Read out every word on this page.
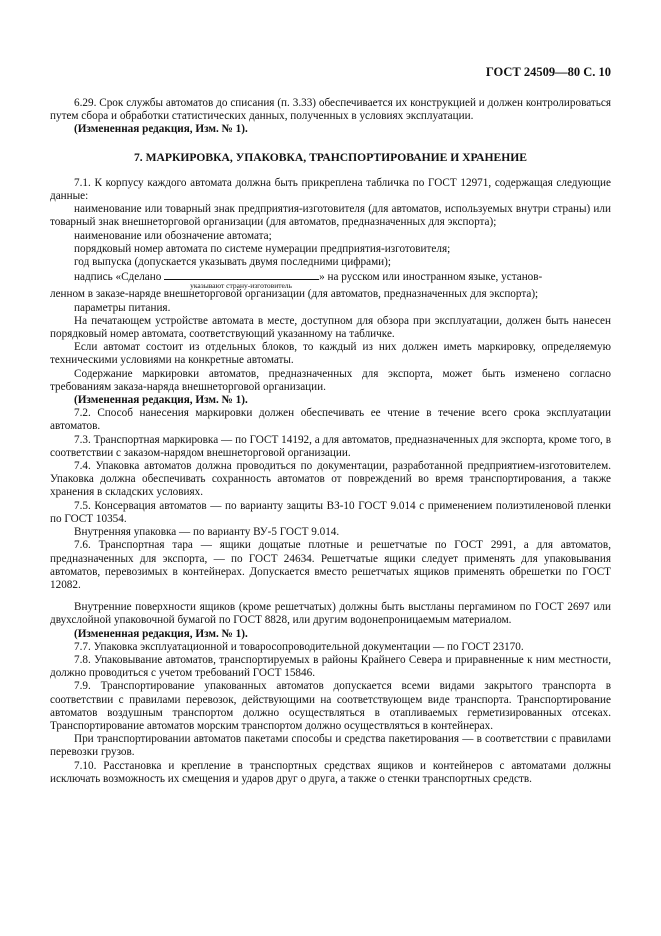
ГОСТ 24509—80 С. 10

6.29. Срок службы автоматов до списания (п. 3.33) обеспечивается их конструкцией и должен контролироваться путем сбора и обработки статистических данных, полученных в условиях эксплуатации.

(Измененная редакция, Изм. № 1).

7. МАРКИРОВКА, УПАКОВКА, ТРАНСПОРТИРОВАНИЕ И ХРАНЕНИЕ

7.1. К корпусу каждого автомата должна быть прикреплена табличка по ГОСТ 12971, содержащая следующие данные:

наименование или товарный знак предприятия-изготовителя (для автоматов, используемых внутри страны) или товарный знак внешнеторговой организации (для автоматов, предназначенных для экспорта);

наименование или обозначение автомата;

порядковый номер автомата по системе нумерации предприятия-изготовителя;

год выпуска (допускается указывать двумя последними цифрами);

надпись «Сделано
указывают страну-изготовитель
» на русском или иностранном языке, установ-

ленном в заказе-наряде внешнеторговой организации (для автоматов, предназначенных для экспорта);

параметры питания.

На печатающем устройстве автомата в месте, доступном для обзора при эксплуатации, должен быть нанесен порядковый номер автомата, соответствующий указанному на табличке.

Если автомат состоит из отдельных блоков, то каждый из них должен иметь маркировку, определяемую техническими условиями на конкретные автоматы.

Содержание маркировки автоматов, предназначенных для экспорта, может быть изменено согласно требованиям заказа-наряда внешнеторговой организации.

(Измененная редакция, Изм. № 1).

7.2. Способ нанесения маркировки должен обеспечивать ее чтение в течение всего срока эксплуатации автоматов.

7.3. Транспортная маркировка — по ГОСТ 14192, а для автоматов, предназначенных для экспорта, кроме того, в соответствии с заказом-нарядом внешнеторговой организации.

7.4. Упаковка автоматов должна проводиться по документации, разработанной предприятием-изготовителем. Упаковка должна обеспечивать сохранность автоматов от повреждений во время транспортирования, а также хранения в складских условиях.

7.5. Консервация автоматов — по варианту защиты ВЗ-10 ГОСТ 9.014 с применением полиэтиленовой пленки по ГОСТ 10354.

Внутренняя упаковка — по варианту ВУ-5 ГОСТ 9.014.

7.6. Транспортная тара — ящики дощатые плотные и решетчатые по ГОСТ 2991, а для автоматов, предназначенных для экспорта, — по ГОСТ 24634. Решетчатые ящики следует применять для упаковывания автоматов, перевозимых в контейнерах. Допускается вместо решетчатых ящиков применять обрешетки по ГОСТ 12082.

Внутренние поверхности ящиков (кроме решетчатых) должны быть выстланы пергамином по ГОСТ 2697 или двухслойной упаковочной бумагой по ГОСТ 8828, или другим водонепроницаемым материалом.

(Измененная редакция, Изм. № 1).

7.7. Упаковка эксплуатационной и товаросопроводительной документации — по ГОСТ 23170.

7.8. Упаковывание автоматов, транспортируемых в районы Крайнего Севера и приравненные к ним местности, должно проводиться с учетом требований ГОСТ 15846.

7.9. Транспортирование упакованных автоматов допускается всеми видами закрытого транспорта в соответствии с правилами перевозок, действующими на соответствующем виде транспорта. Транспортирование автоматов воздушным транспортом должно осуществляться в отапливаемых герметизированных отсеках. Транспортирование автоматов морским транспортом должно осуществляться в контейнерах.

При транспортировании автоматов пакетами способы и средства пакетирования — в соответствии с правилами перевозки грузов.

7.10. Расстановка и крепление в транспортных средствах ящиков и контейнеров с автоматами должны исключать возможность их смещения и ударов друг о друга, а также о стенки транспортных средств.
